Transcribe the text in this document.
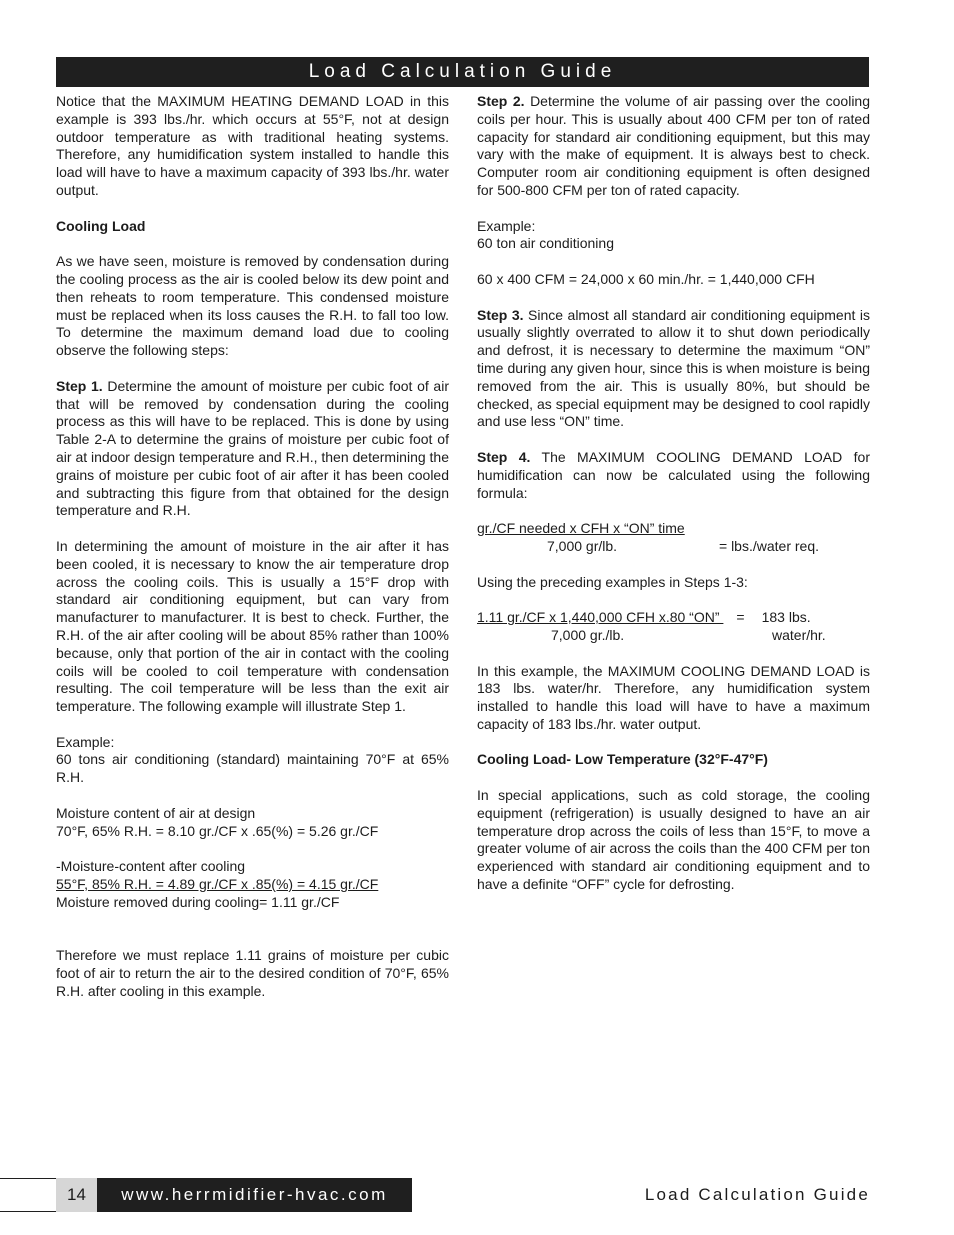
Load Calculation Guide

Notice that the MAXIMUM HEATING DEMAND LOAD in this example is 393 lbs./hr. which occurs at 55°F, not at design outdoor temperature as with traditional heating systems. Therefore, any humidification system installed to handle this load will have to have a maximum capacity of 393 lbs./hr. water output.

Cooling Load

As we have seen, moisture is removed by condensation during the cooling process as the air is cooled below its dew point and then reheats to room temperature. This condensed moisture must be replaced when its loss causes the R.H. to fall too low. To determine the maximum demand load due to cooling observe the following steps:

Step 1. Determine the amount of moisture per cubic foot of air that will be removed by condensation during the cooling process as this will have to be replaced. This is done by using Table 2-A to determine the grains of moisture per cubic foot of air at indoor design temperature and R.H., then determining the grains of moisture per cubic foot of air after it has been cooled and subtracting this figure from that obtained for the design temperature and R.H.

In determining the amount of moisture in the air after it has been cooled, it is necessary to know the air temperature drop across the cooling coils. This is usually a 15°F drop with standard air conditioning equipment, but can vary from manufacturer to manufacturer. It is best to check. Further, the R.H. of the air after cooling will be about 85% rather than 100% because, only that portion of the air in contact with the cooling coils will be cooled to coil temperature with condensation resulting. The coil temperature will be less than the exit air temperature. The following example will illustrate Step 1.

Example:

60 tons air conditioning (standard) maintaining 70°F at 65% R.H.

Moisture content of air at design

70°F, 65% R.H. = 8.10 gr./CF x .65(%) = 5.26 gr./CF

-Moisture-content after cooling

55°F, 85% R.H. = 4.89 gr./CF x .85(%) = 4.15 gr./CF

Moisture removed during cooling= 1.11 gr./CF

Therefore we must replace 1.11 grains of moisture per cubic foot of air to return the air to the desired condition of 70°F, 65% R.H. after cooling in this example.

Step 2. Determine the volume of air passing over the cooling coils per hour. This is usually about 400 CFM per ton of rated capacity for standard air conditioning equipment, but this may vary with the make of equipment. It is always best to check. Computer room air conditioning equipment is often designed for 500-800 CFM per ton of rated capacity.

Example:

60 ton air conditioning

60 x 400 CFM = 24,000 x 60 min./hr. = 1,440,000 CFH

Step 3. Since almost all standard air conditioning equipment is usually slightly overrated to allow it to shut down periodically and defrost, it is necessary to determine the maximum “ON” time during any given hour, since this is when moisture is being removed from the air. This is usually 80%, but should be checked, as special equipment may be designed to cool rapidly and use less “ON” time.

Step 4. The MAXIMUM COOLING DEMAND LOAD for humidification can now be calculated using the following formula:

gr./CF needed x CFH x “ON” time
7,000 gr/lb.	= lbs./water req.

Using the preceding examples in Steps 1-3:

1.11 gr./CF x 1,440,000 CFH x.80 “ON” = 183 lbs.
7,000 gr./lb.	water/hr.

In this example, the MAXIMUM COOLING DEMAND LOAD is 183 lbs. water/hr. Therefore, any humidification system installed to handle this load will have to have a maximum capacity of 183 lbs./hr. water output.

Cooling Load- Low Temperature (32°F-47°F)

In special applications, such as cold storage, the cooling equipment (refrigeration) is usually designed to have an air temperature drop across the coils of less than 15°F, to move a greater volume of air across the coils than the 400 CFM per ton experienced with standard air conditioning equipment and to have a definite “OFF” cycle for defrosting.

14	www.herrmidifier-hvac.com	Load Calculation Guide
